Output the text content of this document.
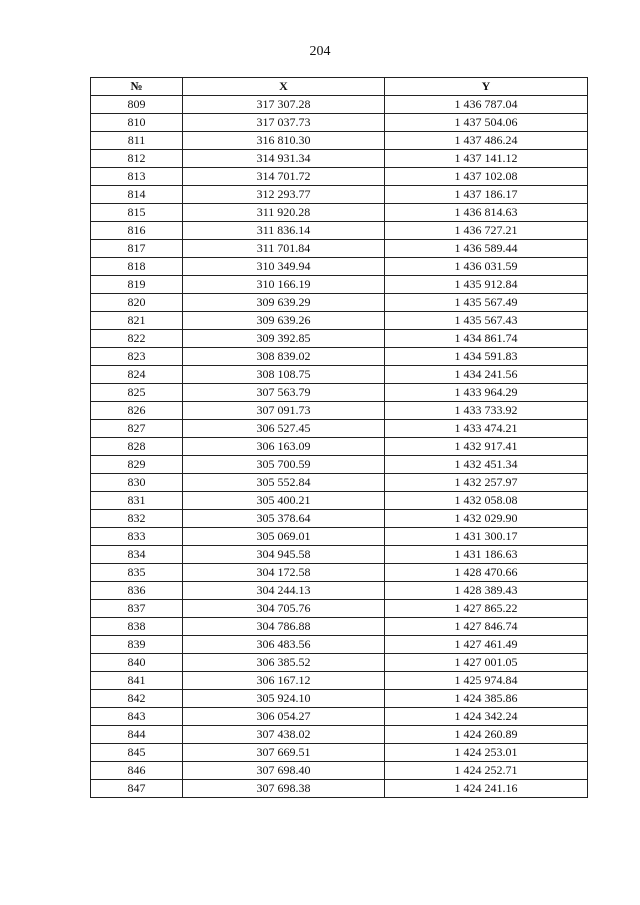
204
№	X	Y
809	317 307.28	1 436 787.04
810	317 037.73	1 437 504.06
811	316 810.30	1 437 486.24
812	314 931.34	1 437 141.12
813	314 701.72	1 437 102.08
814	312 293.77	1 437 186.17
815	311 920.28	1 436 814.63
816	311 836.14	1 436 727.21
817	311 701.84	1 436 589.44
818	310 349.94	1 436 031.59
819	310 166.19	1 435 912.84
820	309 639.29	1 435 567.49
821	309 639.26	1 435 567.43
822	309 392.85	1 434 861.74
823	308 839.02	1 434 591.83
824	308 108.75	1 434 241.56
825	307 563.79	1 433 964.29
826	307 091.73	1 433 733.92
827	306 527.45	1 433 474.21
828	306 163.09	1 432 917.41
829	305 700.59	1 432 451.34
830	305 552.84	1 432 257.97
831	305 400.21	1 432 058.08
832	305 378.64	1 432 029.90
833	305 069.01	1 431 300.17
834	304 945.58	1 431 186.63
835	304 172.58	1 428 470.66
836	304 244.13	1 428 389.43
837	304 705.76	1 427 865.22
838	304 786.88	1 427 846.74
839	306 483.56	1 427 461.49
840	306 385.52	1 427 001.05
841	306 167.12	1 425 974.84
842	305 924.10	1 424 385.86
843	306 054.27	1 424 342.24
844	307 438.02	1 424 260.89
845	307 669.51	1 424 253.01
846	307 698.40	1 424 252.71
847	307 698.38	1 424 241.16
